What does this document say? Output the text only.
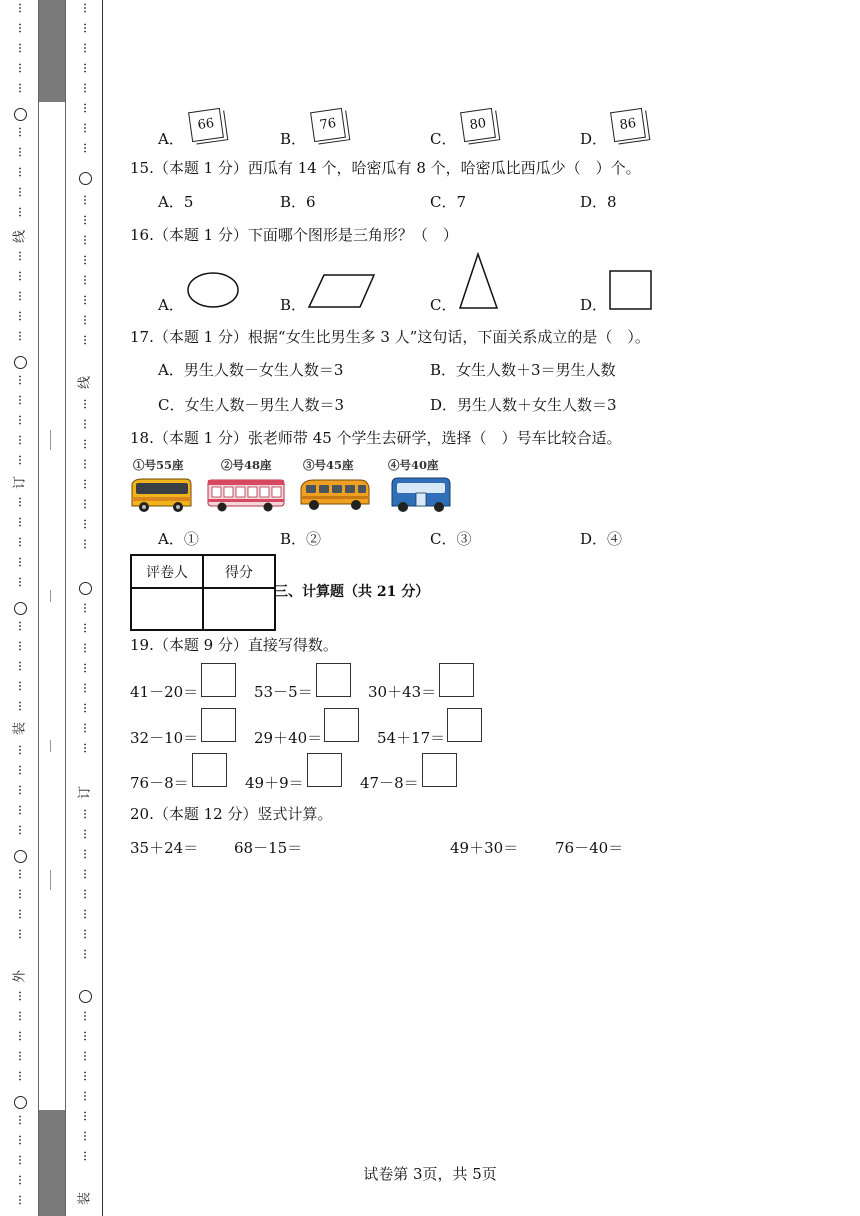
⋮
⋮
⋮
⋮
⋮
⋮
⋮
⋮
⋮
⋮
线
⋮
⋮
⋮
⋮
⋮
⋮
⋮
⋮
⋮
⋮
订
⋮
⋮
⋮
⋮
⋮
⋮
⋮
⋮
⋮
⋮
装
⋮
⋮
⋮
⋮
⋮
⋮
⋮
⋮
⋮
外
⋮
⋮
⋮
⋮
⋮
⋮
⋮
⋮
⋮
⋮
⋮
⋮
⋮
⋮
⋮
⋮
⋮
⋮
⋮
⋮
⋮
⋮
⋮
⋮
⋮
⋮
线
⋮
⋮
⋮
⋮
⋮
⋮
⋮
⋮
⋮
⋮
⋮
⋮
⋮
⋮
⋮
⋮
订
⋮
⋮
⋮
⋮
⋮
⋮
⋮
⋮
⋮
⋮
⋮
⋮
⋮
⋮
⋮
⋮
装
A．
66
B．
76
C．
80
D．
86
15.（本题 1 分）西瓜有 14 个，哈密瓜有 8 个，哈密瓜比西瓜少（　）个。
A．5	B．6	C．7	D．8
16.（本题 1 分）下面哪个图形是三角形？（　）
A．	B．	C．	D．
17.（本题 1 分）根据“女生比男生多 3 人”这句话，下面关系成立的是（　）。
A．男生人数－女生人数＝3	B．女生人数＋3＝男生人数
C．女生人数－男生人数＝3	D．男生人数＋女生人数＝3
18.（本题 1 分）张老师带 45 个学生去研学，选择（　）号车比较合适。
①号55座	②号48座	③号45座	④号40座
A．①	B．②	C．③	D．④
评卷人	得分

三、计算题（共 21 分）
19.（本题 9 分）直接写得数。
41－20＝	53－5＝	30＋43＝
32－10＝	29＋40＝	54＋17＝
76－8＝	49＋9＝	47－8＝
20.（本题 12 分）竖式计算。
35＋24＝ 68－15＝	49＋30＝ 76－40＝
试卷第 3页，共 5页
